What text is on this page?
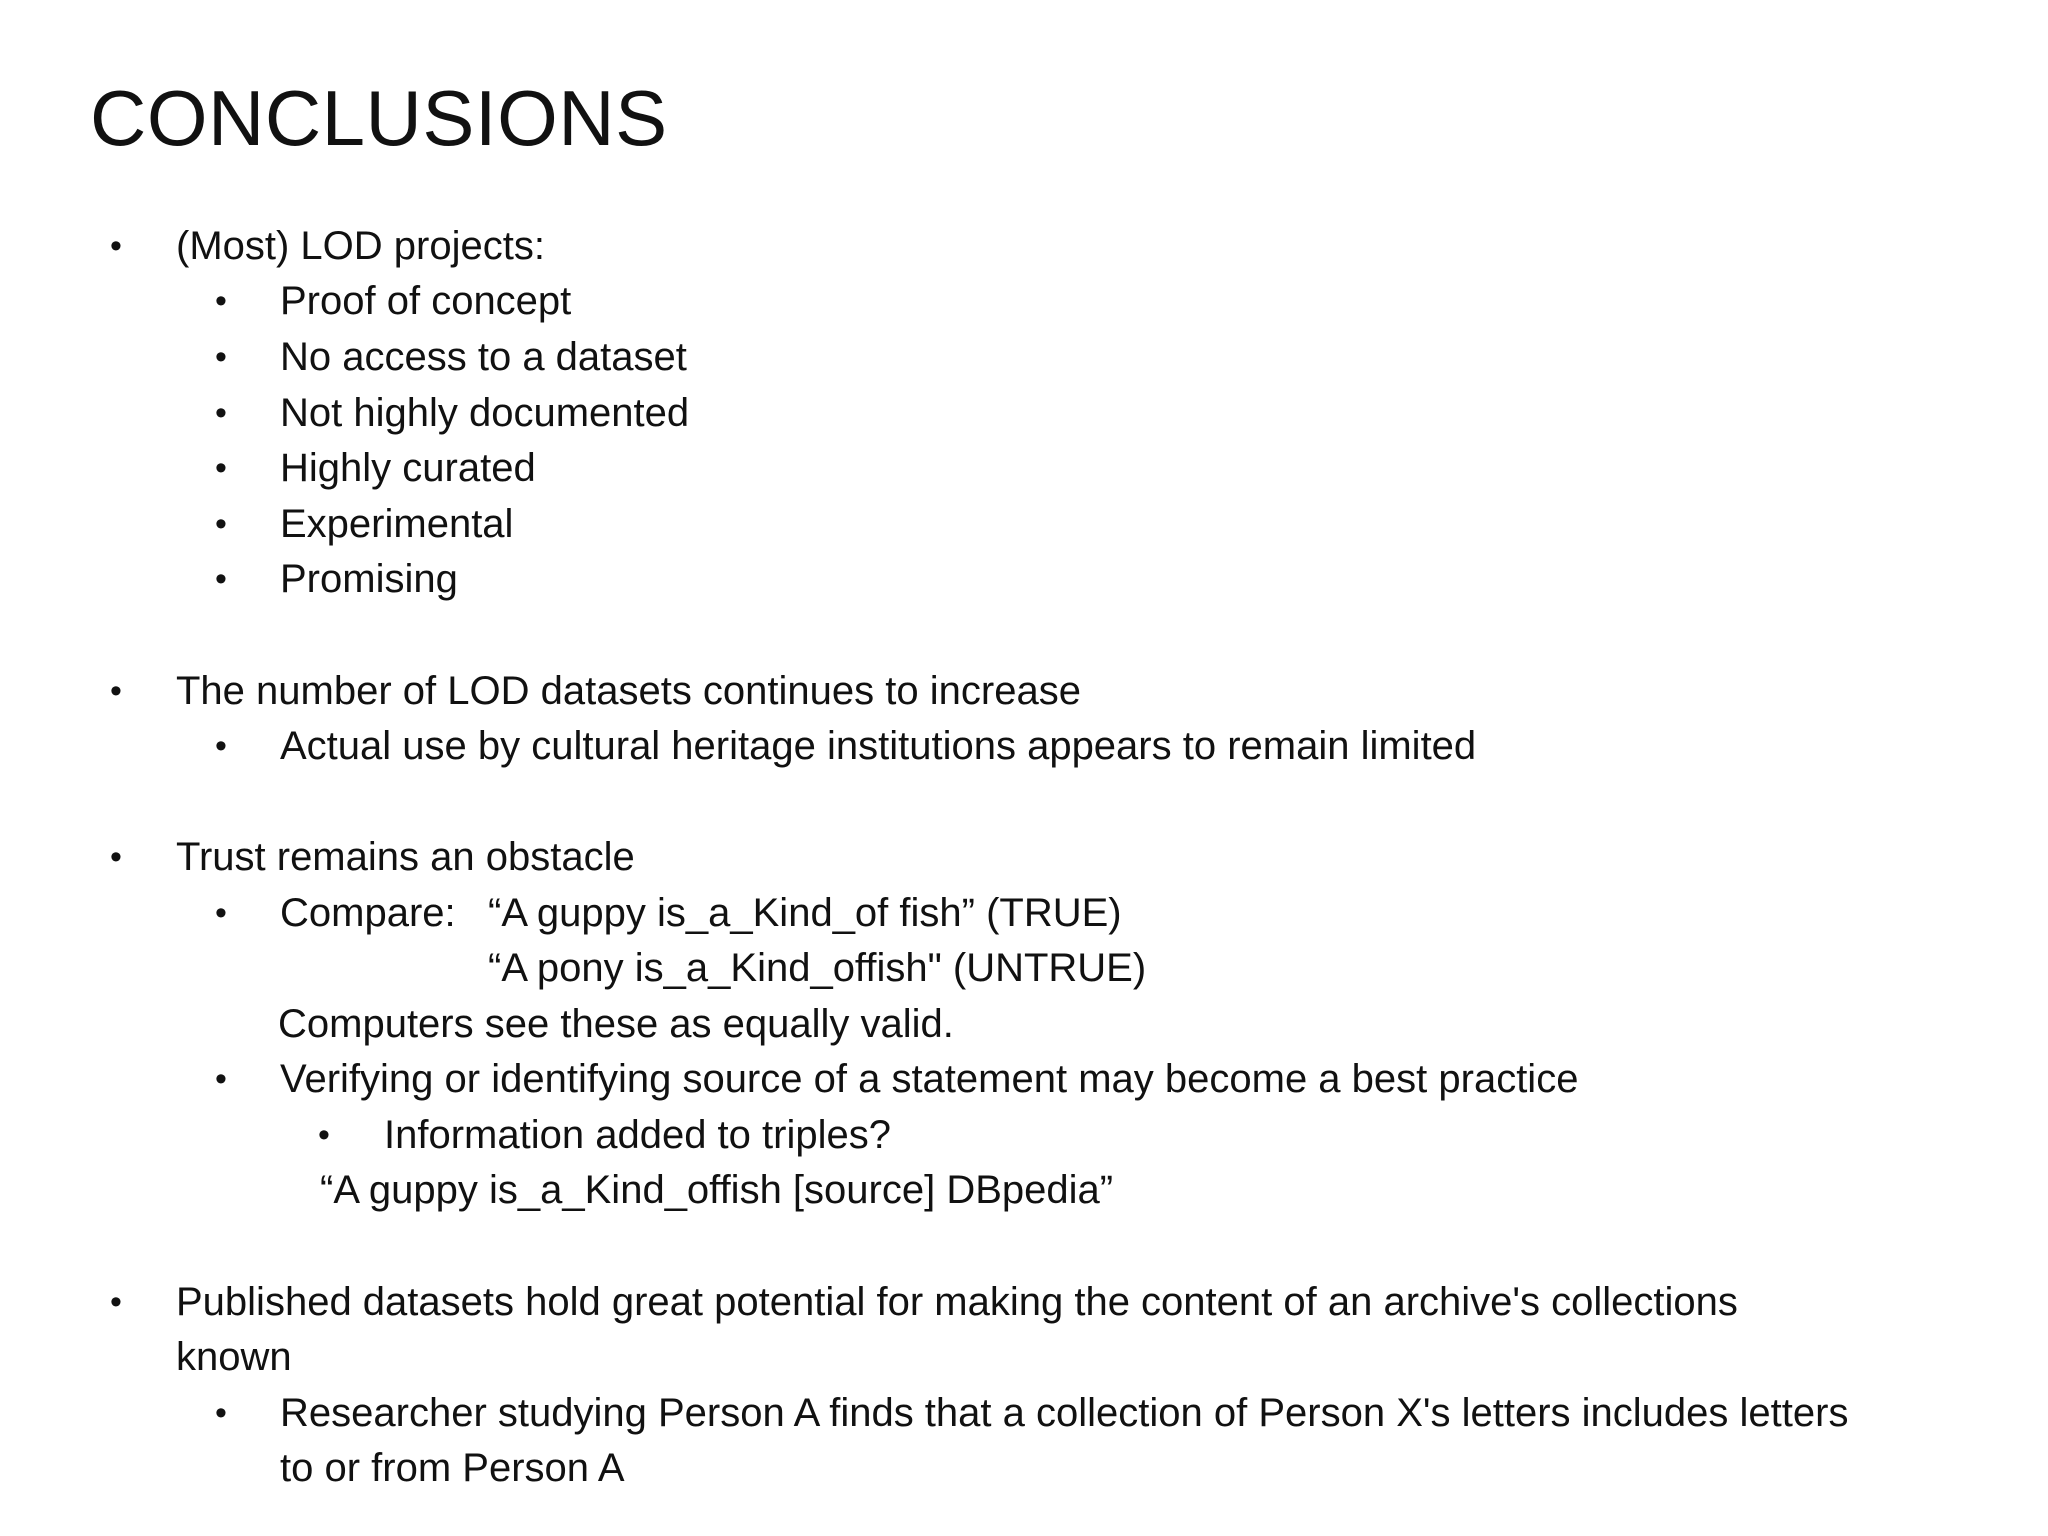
CONCLUSIONS
• (Most) LOD projects:
• Proof of concept
• No access to a dataset
• Not highly documented
• Highly curated
• Experimental
• Promising
• The number of LOD datasets continues to increase
• Actual use by cultural heritage institutions appears to remain limited
• Trust remains an obstacle
• Compare: “A guppy is_a_Kind_of fish” (TRUE)
“A pony is_a_Kind_offish" (UNTRUE)
Computers see these as equally valid.
• Verifying or identifying source of a statement may become a best practice
• Information added to triples?
“A guppy is_a_Kind_offish [source] DBpedia”
• Published datasets hold great potential for making the content of an archive's collections
known
• Researcher studying Person A finds that a collection of Person X's letters includes letters
to or from Person A
